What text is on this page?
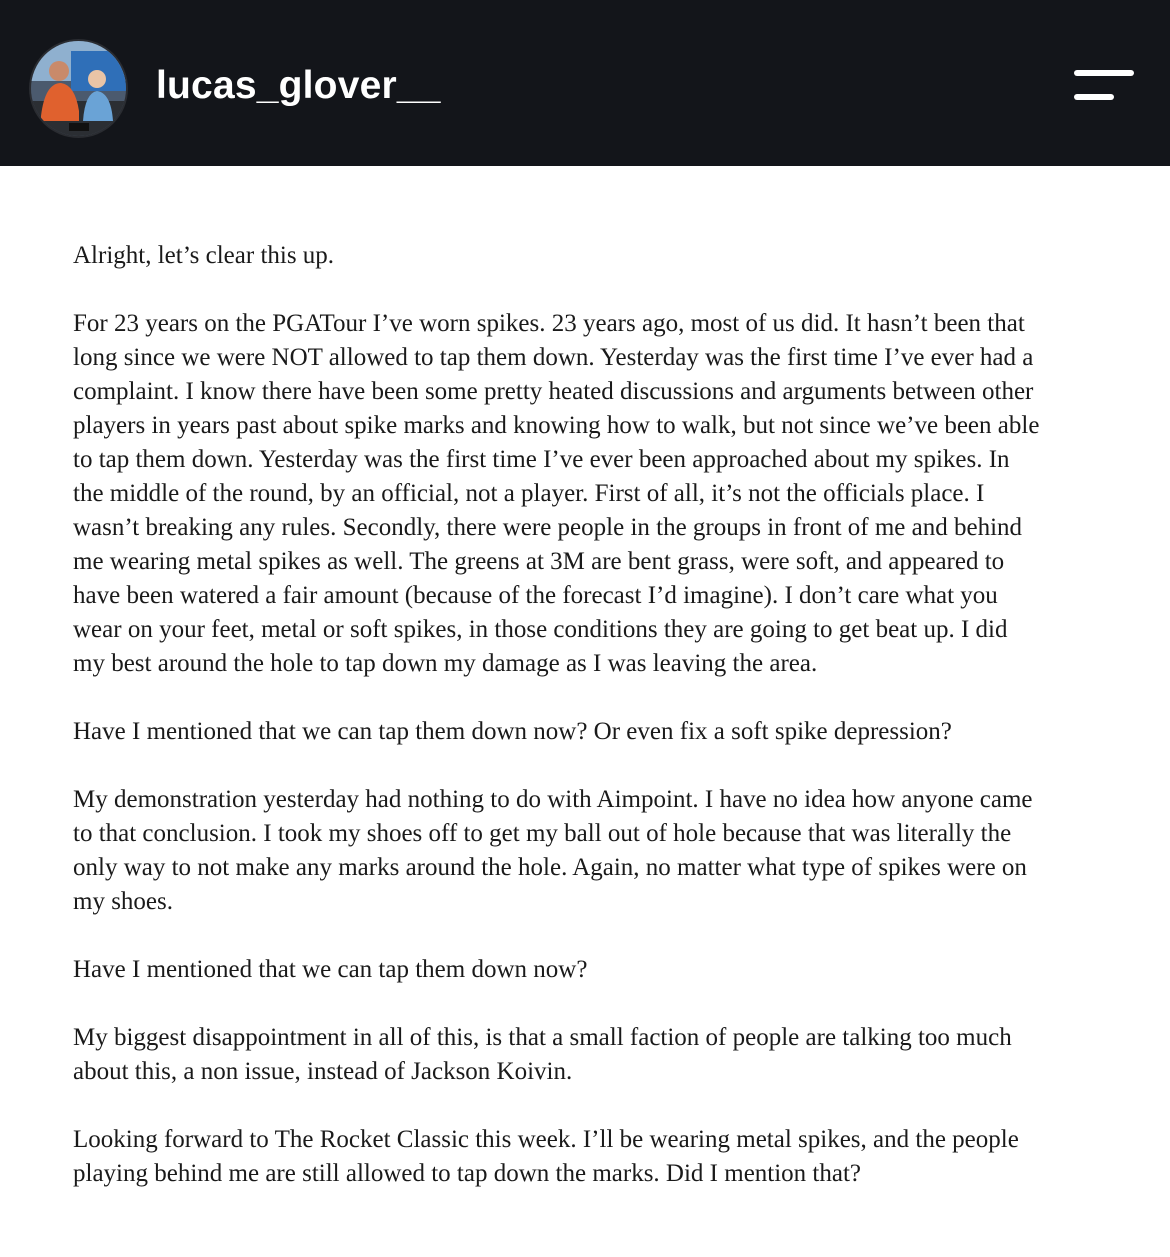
lucas_glover__

Alright, let’s clear this up.

For 23 years on the PGATour I’ve worn spikes. 23 years ago, most of us did. It hasn’t been that
long since we were NOT allowed to tap them down. Yesterday was the first time I’ve ever had a
complaint. I know there have been some pretty heated discussions and arguments between other
players in years past about spike marks and knowing how to walk, but not since we’ve been able
to tap them down. Yesterday was the first time I’ve ever been approached about my spikes. In
the middle of the round, by an official, not a player. First of all, it’s not the officials place. I
wasn’t breaking any rules. Secondly, there were people in the groups in front of me and behind
me wearing metal spikes as well. The greens at 3M are bent grass, were soft, and appeared to
have been watered a fair amount (because of the forecast I’d imagine). I don’t care what you
wear on your feet, metal or soft spikes, in those conditions they are going to get beat up. I did
my best around the hole to tap down my damage as I was leaving the area.

Have I mentioned that we can tap them down now? Or even fix a soft spike depression?

My demonstration yesterday had nothing to do with Aimpoint. I have no idea how anyone came
to that conclusion. I took my shoes off to get my ball out of hole because that was literally the
only way to not make any marks around the hole. Again, no matter what type of spikes were on
my shoes.

Have I mentioned that we can tap them down now?

My biggest disappointment in all of this, is that a small faction of people are talking too much
about this, a non issue, instead of Jackson Koivin.

Looking forward to The Rocket Classic this week. I’ll be wearing metal spikes, and the people
playing behind me are still allowed to tap down the marks. Did I mention that?
